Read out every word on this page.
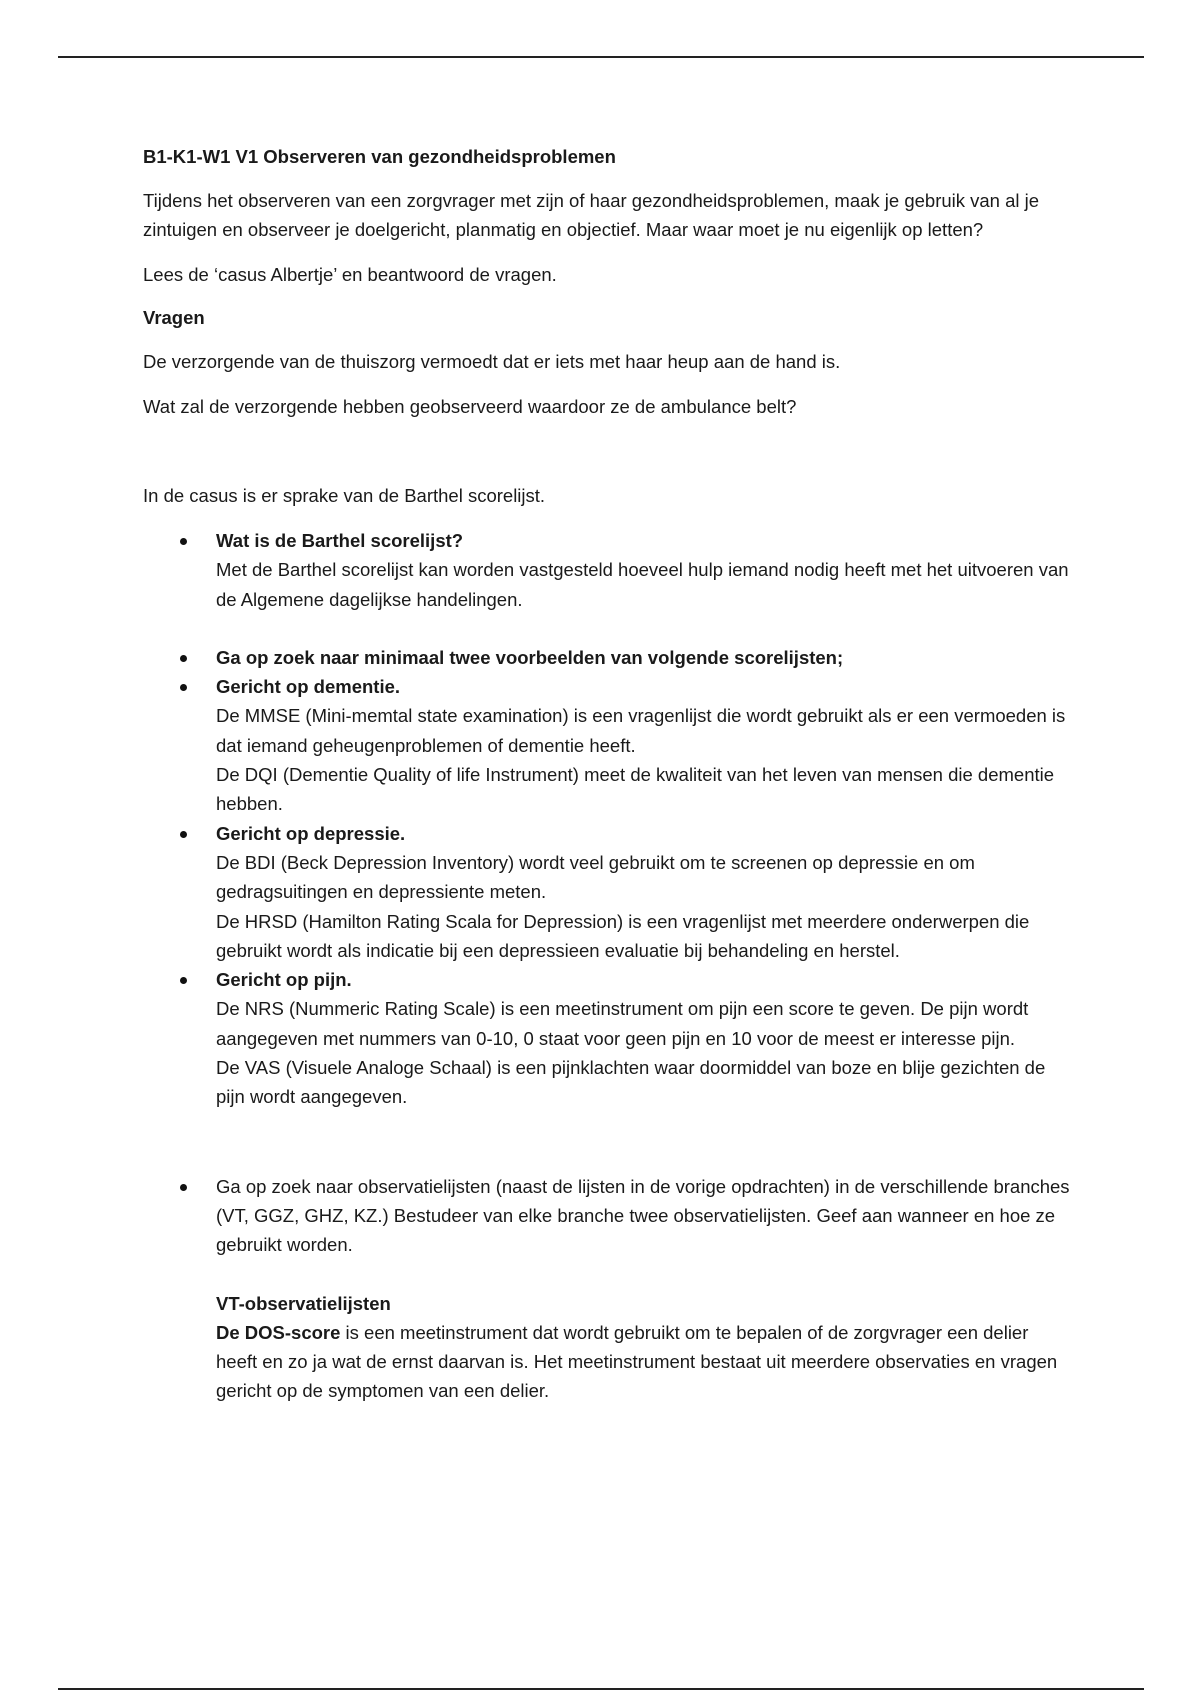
B1-K1-W1 V1 Observeren van gezondheidsproblemen

Tijdens het observeren van een zorgvrager met zijn of haar gezondheidsproblemen, maak je gebruik van al je zintuigen en observeer je doelgericht, planmatig en objectief. Maar waar moet je nu eigenlijk op letten?

Lees de ‘casus Albertje’ en beantwoord de vragen.

Vragen

De verzorgende van de thuiszorg vermoedt dat er iets met haar heup aan de hand is.

Wat zal de verzorgende hebben geobserveerd waardoor ze de ambulance belt?

In de casus is er sprake van de Barthel scorelijst.

Wat is de Barthel scorelijst?
Met de Barthel scorelijst kan worden vastgesteld hoeveel hulp iemand nodig heeft met het uitvoeren van de Algemene dagelijkse handelingen.
Ga op zoek naar minimaal twee voorbeelden van volgende scorelijsten;
Gericht op dementie.
De MMSE (Mini-memtal state examination) is een vragenlijst die wordt gebruikt als er een vermoeden is dat iemand geheugenproblemen of dementie heeft.
De DQI (Dementie Quality of life Instrument) meet de kwaliteit van het leven van mensen die dementie hebben.
Gericht op depressie.
De BDI (Beck Depression Inventory) wordt veel gebruikt om te screenen op depressie en om gedragsuitingen en depressiente meten.
De HRSD (Hamilton Rating Scala for Depression) is een vragenlijst met meerdere onderwerpen die gebruikt wordt als indicatie bij een depressieen evaluatie bij behandeling en herstel.
Gericht op pijn.
De NRS (Nummeric Rating Scale) is een meetinstrument om pijn een score te geven. De pijn wordt aangegeven met nummers van 0-10, 0 staat voor geen pijn en 10 voor de meest er interesse pijn.
De VAS (Visuele Analoge Schaal) is een pijnklachten waar doormiddel van boze en blije gezichten de pijn wordt aangegeven.
Ga op zoek naar observatielijsten (naast de lijsten in de vorige opdrachten) in de verschillende branches (VT, GGZ, GHZ, KZ.) Bestudeer van elke branche twee observatielijsten. Geef aan wanneer en hoe ze gebruikt worden.
VT-observatielijsten
De DOS-score is een meetinstrument dat wordt gebruikt om te bepalen of de zorgvrager een delier heeft en zo ja wat de ernst daarvan is. Het meetinstrument bestaat uit meerdere observaties en vragen gericht op de symptomen van een delier.
